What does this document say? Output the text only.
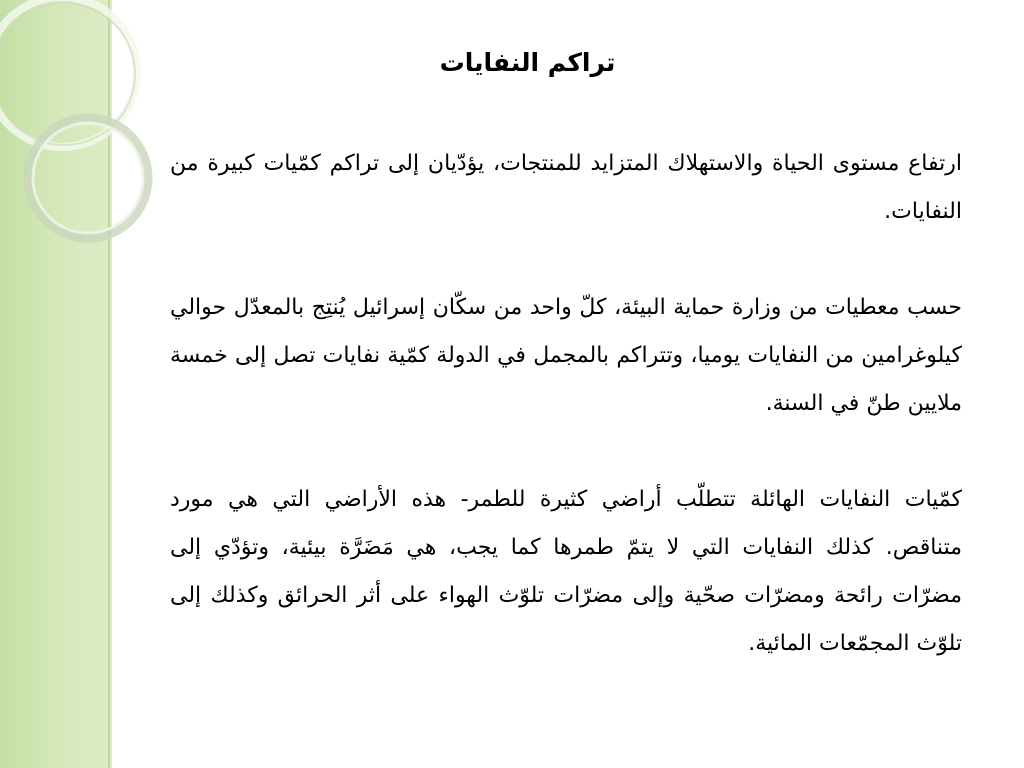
تراكم النفايات

ارتفاع مستوى الحياة والاستهلاك المتزايد للمنتجات، يؤدّيان إلى تراكم كمّيات كبيرة من النفايات.

حسب معطيات من وزارة حماية البيئة، كلّ واحد من سكّان إسرائيل يُنتِج بالمعدّل حوالي كيلوغرامين من النفايات يوميا، وتتراكم بالمجمل في الدولة كمّية نفايات تصل إلى خمسة ملايين طنّ في السنة.

كمّيات النفايات الهائلة تتطلّب أراضي كثيرة للطمر- هذه الأراضي التي هي مورد متناقص. كذلك النفايات التي لا يتمّ طمرها كما يجب، هي مَضَرَّة بيئية، وتؤدّي إلى مضرّات رائحة ومضرّات صحّية وإلى مضرّات تلوّث الهواء على أثر الحرائق وكذلك إلى تلوّث المجمّعات المائية.
